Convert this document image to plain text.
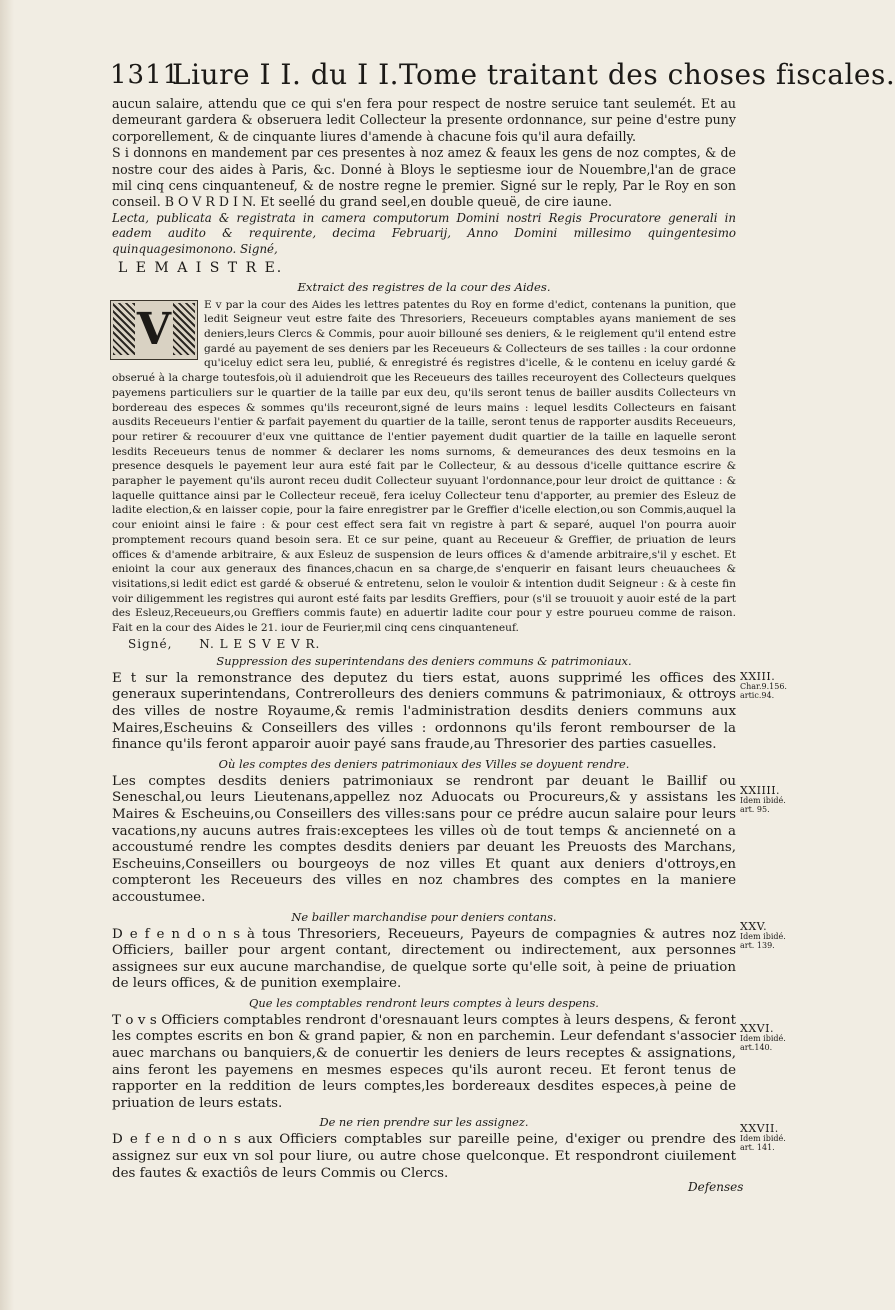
1311
Liure I I. du I I.Tome traitant des choses fiscales.

aucun salaire, attendu que ce qui s'en fera pour respect de nostre seruice tant seulemét. Et au demeurant gardera & obseruera ledit Collecteur la presente ordonnance, sur peine d'estre puny corporellement, & de cinquante liures d'amende à chacune fois qu'il aura defailly.

S i donnons en mandement par ces presentes à noz amez & feaux les gens de noz comptes, & de nostre cour des aides à Paris, &c. Donné à Bloys le septiesme iour de Nouembre,l'an de grace mil cinq cens cinquanteneuf, & de nostre regne le premier. Signé sur le reply, Par le Roy en son conseil. B O V R D I N. Et seellé du grand seel,en double queuë, de cire iaune.

Lecta, publicata & registrata in camera computorum Domini nostri Regis Procuratore generali in eadem audito & requirente, decima Februarij, Anno Domini millesimo quingentesimo quinquagesimonono. Signé,

L E M A I S T R E.
Extraict des registres de la cour des Aides.
V	E v par la cour des Aides les lettres patentes du Roy en forme d'edict, contenans la punition, que ledit Seigneur veut estre faite des Thresoriers, Receueurs comptables ayans maniement de ses deniers,leurs Clercs & Commis, pour auoir billouné ses deniers, & le reiglement qu'il entend estre gardé au payement de ses deniers par les Receueurs & Collecteurs de ses tailles : la cour ordonne qu'iceluy edict sera leu, publié, & enregistré és registres d'icelle, & le contenu en iceluy gardé & obserué à la charge toutesfois,où il aduiendroit que les Receueurs des tailles receuroyent des Collecteurs quelques payemens particuliers sur le quartier de la taille par eux deu, qu'ils seront tenus de bailler ausdits Collecteurs vn bordereau des especes & sommes qu'ils receuront,signé de leurs mains : lequel lesdits Collecteurs en faisant ausdits Receueurs l'entier & parfait payement du quartier de la taille, seront tenus de rapporter ausdits Receueurs, pour retirer & recouurer d'eux vne quittance de l'entier payement dudit quartier de la taille en laquelle seront lesdits Receueurs tenus de nommer & declarer les noms surnoms, & demeurances des deux tesmoins en la presence desquels le payement leur aura esté fait par le Collecteur, & au dessous d'icelle quittance escrire & parapher le payement qu'ils auront receu dudit Collecteur suyuant l'ordonnance,pour leur droict de quittance : & laquelle quittance ainsi par le Collecteur receuë, fera iceluy Collecteur tenu d'apporter, au premier des Esleuz de ladite election,& en laisser copie, pour la faire enregistrer par le Greffier d'icelle election,ou son Commis,auquel la cour enioint ainsi le faire : & pour cest effect sera fait vn registre à part & separé, auquel l'on pourra auoir promptement recours quand besoin sera. Et ce sur peine, quant au Receueur & Greffier, de priuation de leurs offices & d'amende arbitraire, & aux Esleuz de suspension de leurs offices & d'amende arbitraire,s'il y eschet. Et enioint la cour aux generaux des finances,chacun en sa charge,de s'enquerir en faisant leurs cheuauchees & visitations,si ledit edict est gardé & obserué & entretenu, selon le vouloir & intention dudit Seigneur : & à ceste fin voir diligemment les registres qui auront esté faits par lesdits Greffiers, pour (s'il se trouuoit y auoir esté de la part des Esleuz,Receueurs,ou Greffiers commis faute) en aduertir ladite cour pour y estre pourueu comme de raison. Fait en la cour des Aides le 21. iour de Feurier,mil cinq cens cinquanteneuf.

Signé, N. L E S V E V R.
Suppression des superintendans des deniers communs & patrimoniaux.

E t sur la remonstrance des deputez du tiers estat, auons supprimé les offices des generaux superintendans, Contrerolleurs des deniers communs & patrimoniaux, & ottroys des villes de nostre Royaume,& remis l'administration desdits deniers communs aux Maires,Escheuins & Conseillers des villes : ordonnons qu'ils feront rembourser de la finance qu'ils feront apparoir auoir payé sans fraude,au Thresorier des parties casuelles.

Où les comptes des deniers patrimoniaux des Villes se doyuent rendre.

Les comptes desdits deniers patrimoniaux se rendront par deuant le Baillif ou Seneschal,ou leurs Lieutenans,appellez noz Aduocats ou Procureurs,& y assistans les Maires & Escheuins,ou Conseillers des villes:sans pour ce prédre aucun salaire pour leurs vacations,ny aucuns autres frais:exceptees les villes où de tout temps & ancienneté on a accoustumé rendre les comptes desdits deniers par deuant les Preuosts des Marchans, Escheuins,Conseillers ou bourgeoys de noz villes Et quant aux deniers d'ottroys,en compteront les Receueurs des villes en noz chambres des comptes en la maniere accoustumee.

Ne bailler marchandise pour deniers contans.

D e f e n d o n s à tous Thresoriers, Receueurs, Payeurs de compagnies & autres noz Officiers, bailler pour argent contant, directement ou indirectement, aux personnes assignees sur eux aucune marchandise, de quelque sorte qu'elle soit, à peine de priuation de leurs offices, & de punition exemplaire.

Que les comptables rendront leurs comptes à leurs despens.

T o v s Officiers comptables rendront d'oresnauant leurs comptes à leurs despens, & feront les comptes escrits en bon & grand papier, & non en parchemin. Leur defendant s'associer auec marchans ou banquiers,& de conuertir les deniers de leurs receptes & assignations, ains feront les payemens en mesmes especes qu'ils auront receu. Et feront tenus de rapporter en la reddition de leurs comptes,les bordereaux desdites especes,à peine de priuation de leurs estats.

De ne rien prendre sur les assignez.

D e f e n d o n s aux Officiers comptables sur pareille peine, d'exiger ou prendre des assignez sur eux vn sol pour liure, ou autre chose quelconque. Et respondront ciuilement des fautes & exactiôs de leurs Commis ou Clercs.

XXIII.
Char.9.156.
artic.94.
XXIIII.
Idem ibidé.
art. 95.
XXV.
Idem ibidé.
art. 139.
XXVI.
Idem ibidé.
art.140.
XXVII.
Idem ibidé.
art. 141.
Defenses
